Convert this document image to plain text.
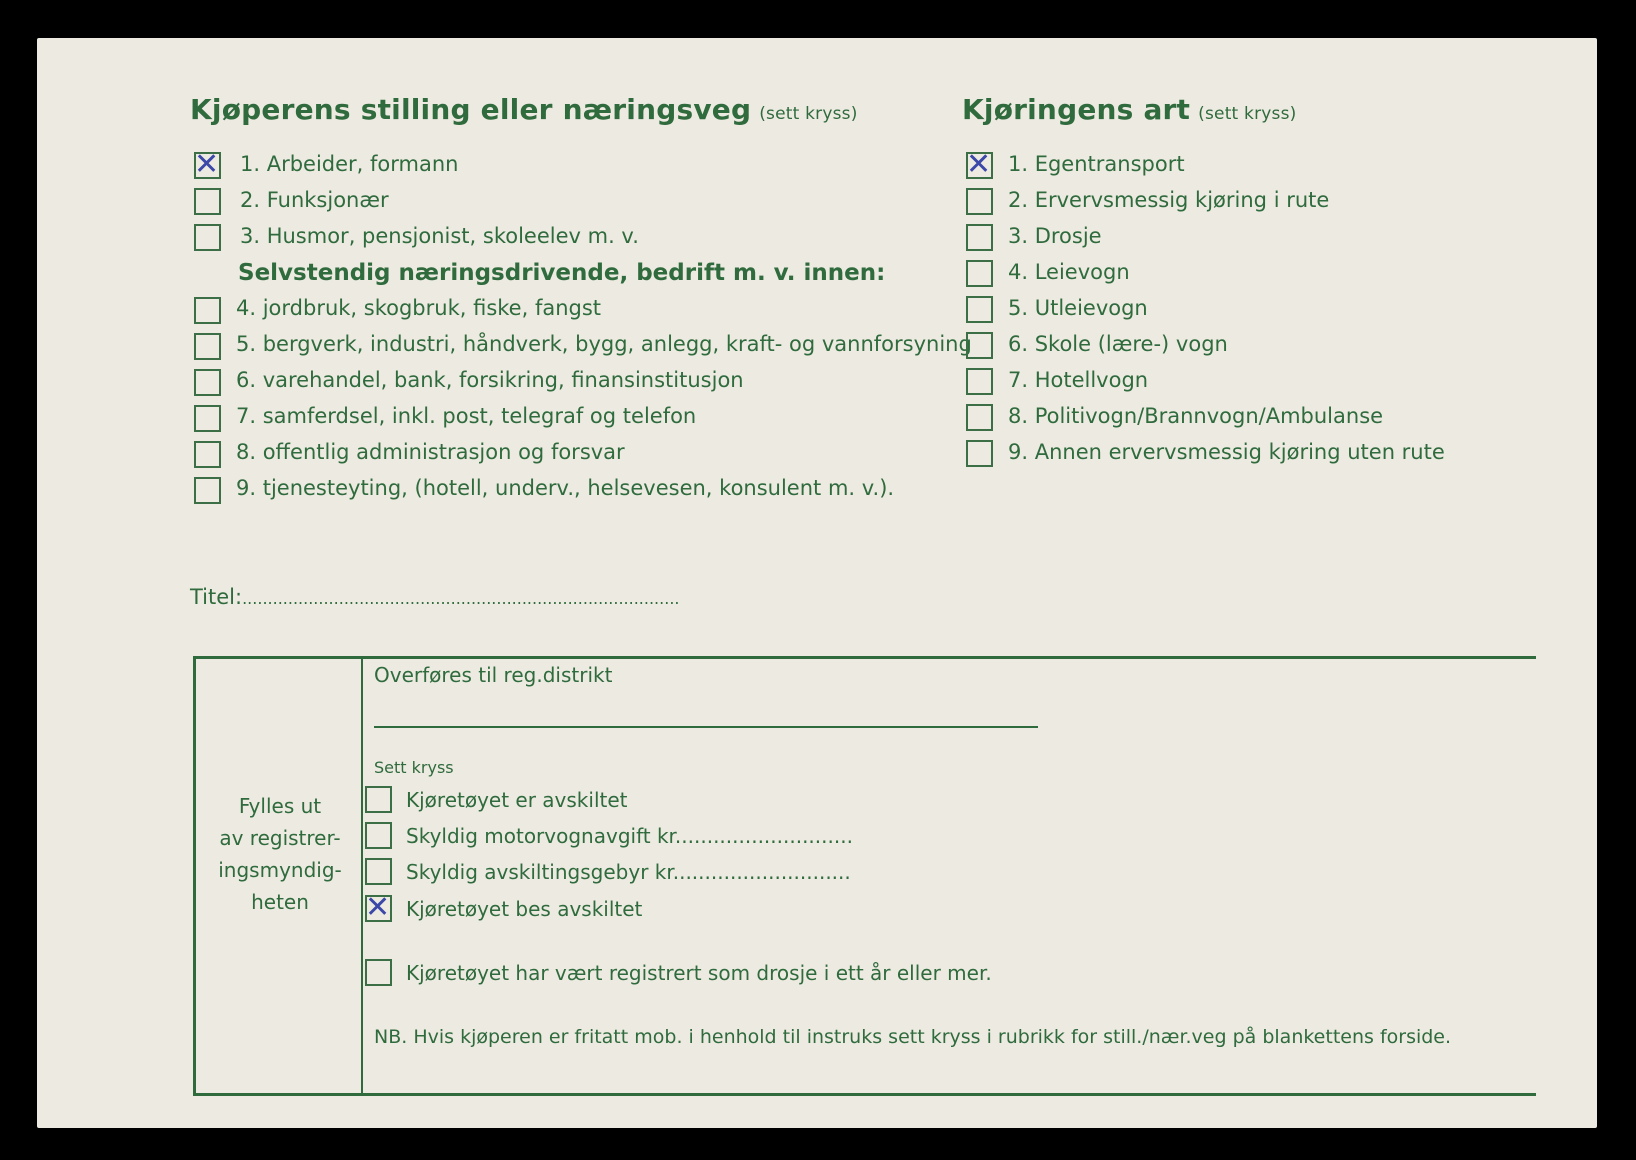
Kjøperens stilling eller næringsveg (sett kryss)
✕ 1. Arbeider, formann
2. Funksjonær
3. Husmor, pensjonist, skoleelev m. v.
Selvstendig næringsdrivende, bedrift m. v. innen:
4. jordbruk, skogbruk, fiske, fangst
5. bergverk, industri, håndverk, bygg, anlegg, kraft- og vannforsyning
6. varehandel, bank, forsikring, finansinstitusjon
7. samferdsel, inkl. post, telegraf og telefon
8. offentlig administrasjon og forsvar
9. tjenesteyting, (hotell, underv., helsevesen, konsulent m. v.).
Titel:......................................................................................
Kjøringens art (sett kryss)
✕ 1. Egentransport
2. Ervervsmessig kjøring i rute
3. Drosje
4. Leievogn
5. Utleievogn
6. Skole (lære-) vogn
7. Hotellvogn
8. Politivogn/Brannvogn/Ambulanse
9. Annen ervervsmessig kjøring uten rute
Fylles ut
av registrer-
ingsmyndig-
heten
Overføres til reg.distrikt
Sett kryss
Kjøretøyet er avskiltet
Skyldig motorvognavgift kr............................
Skyldig avskiltingsgebyr kr............................
✕ Kjøretøyet bes avskiltet
Kjøretøyet har vært registrert som drosje i ett år eller mer.
NB. Hvis kjøperen er fritatt mob. i henhold til instruks sett kryss i rubrikk for still./nær.veg på blankettens forside.
